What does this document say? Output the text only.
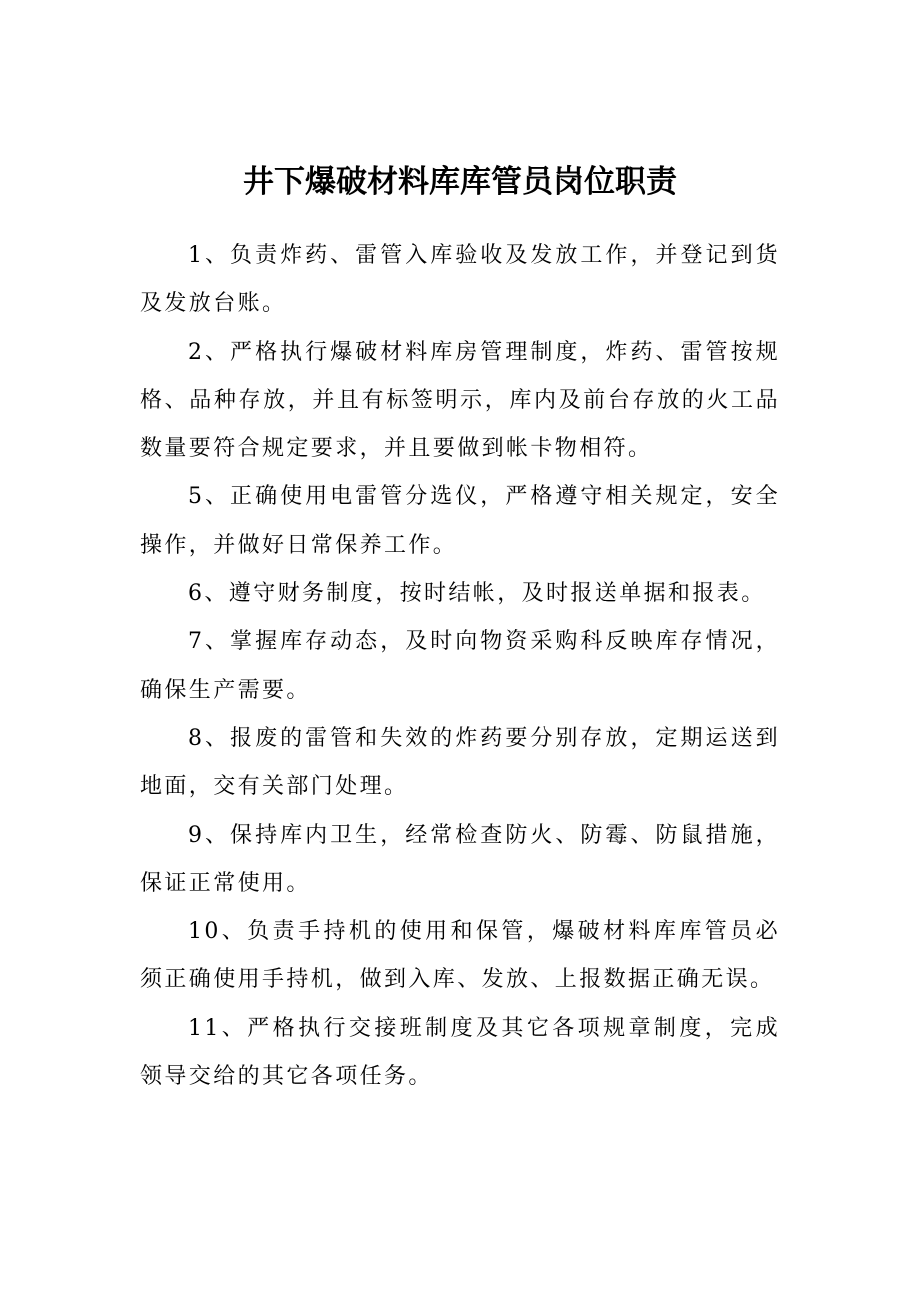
井下爆破材料库库管员岗位职责

1、负责炸药、雷管入库验收及发放工作，并登记到货及发放台账。

2、严格执行爆破材料库房管理制度，炸药、雷管按规格、品种存放，并且有标签明示，库内及前台存放的火工品数量要符合规定要求，并且要做到帐卡物相符。

5、正确使用电雷管分选仪，严格遵守相关规定，安全操作，并做好日常保养工作。

6、遵守财务制度，按时结帐，及时报送单据和报表。

7、掌握库存动态，及时向物资采购科反映库存情况，确保生产需要。

8、报废的雷管和失效的炸药要分别存放，定期运送到地面，交有关部门处理。

9、保持库内卫生，经常检查防火、防霉、防鼠措施，保证正常使用。

10、负责手持机的使用和保管，爆破材料库库管员必须正确使用手持机，做到入库、发放、上报数据正确无误。

11、严格执行交接班制度及其它各项规章制度，完成领导交给的其它各项任务。
